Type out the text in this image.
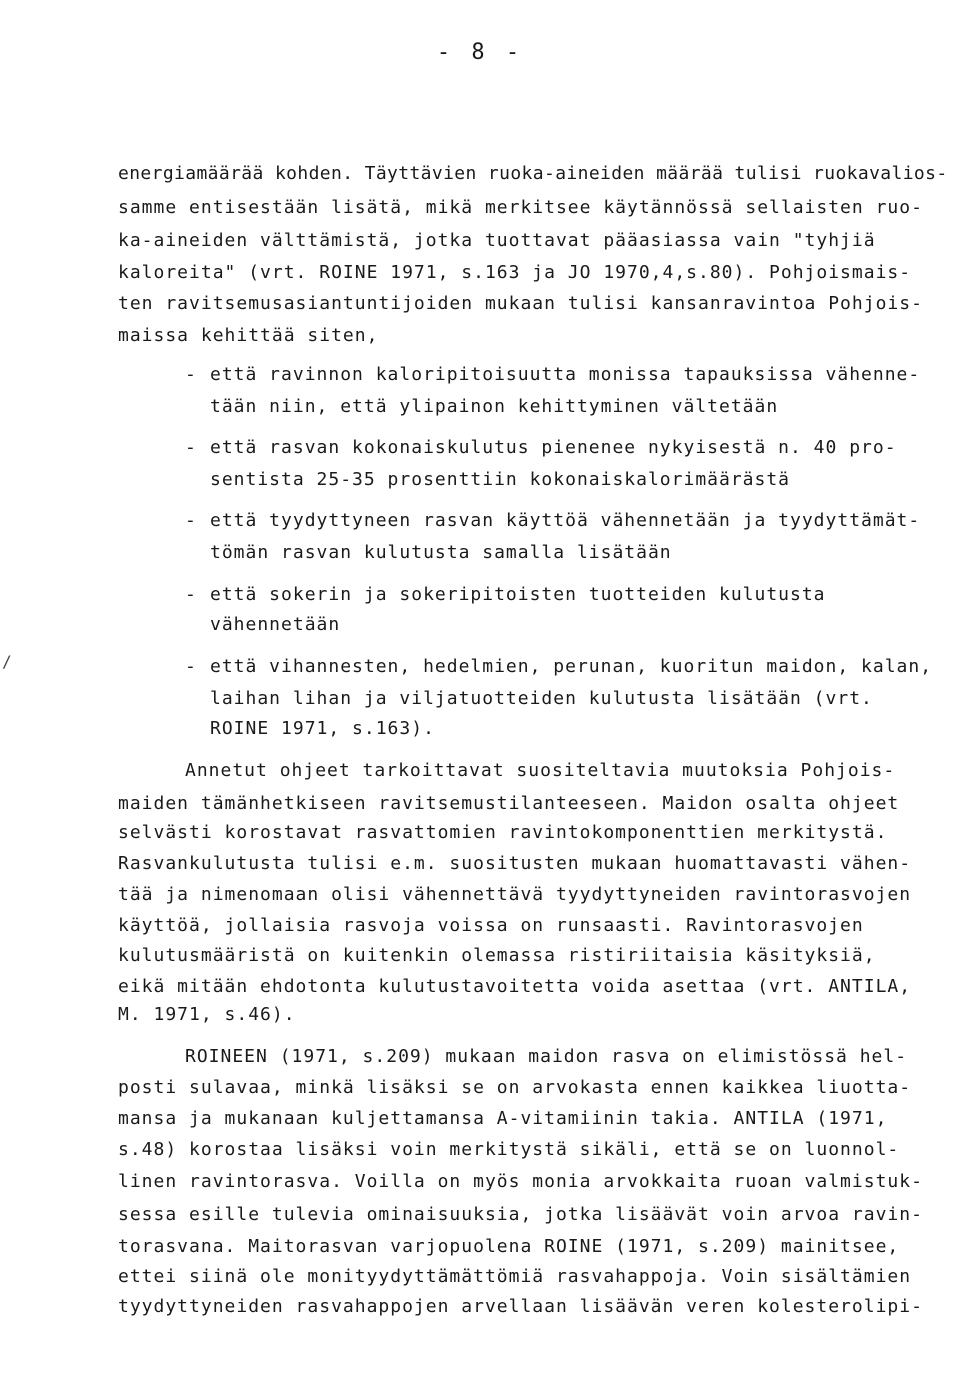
- 8 -
energiamäärää kohden. Täyttävien ruoka-aineiden määrää tulisi ruokavalios-
samme entisestään lisätä, mikä merkitsee käytännössä sellaisten ruo-
ka-aineiden välttämistä, jotka tuottavat pääasiassa vain "tyhjiä
kaloreita" (vrt. ROINE 1971, s.163 ja JO 1970,4,s.80). Pohjoismais-
ten ravitsemusasiantuntijoiden mukaan tulisi kansanravintoa Pohjois-
maissa kehittää siten,
- että ravinnon kaloripitoisuutta monissa tapauksissa vähenne-
tään niin, että ylipainon kehittyminen vältetään
- että rasvan kokonaiskulutus pienenee nykyisestä n. 40 pro-
sentista 25-35 prosenttiin kokonaiskalorimäärästä
- että tyydyttyneen rasvan käyttöä vähennetään ja tyydyttämät-
tömän rasvan kulutusta samalla lisätään
- että sokerin ja sokeripitoisten tuotteiden kulutusta
vähennetään
/	- että vihannesten, hedelmien, perunan, kuoritun maidon, kalan,
laihan lihan ja viljatuotteiden kulutusta lisätään (vrt.
ROINE 1971, s.163).
Annetut ohjeet tarkoittavat suositeltavia muutoksia Pohjois-
maiden tämänhetkiseen ravitsemustilanteeseen. Maidon osalta ohjeet
selvästi korostavat rasvattomien ravintokomponenttien merkitystä.
Rasvankulutusta tulisi e.m. suositusten mukaan huomattavasti vähen-
tää ja nimenomaan olisi vähennettävä tyydyttyneiden ravintorasvojen
käyttöä, jollaisia rasvoja voissa on runsaasti. Ravintorasvojen
kulutusmääristä on kuitenkin olemassa ristiriitaisia käsityksiä,
eikä mitään ehdotonta kulutustavoitetta voida asettaa (vrt. ANTILA,
M. 1971, s.46).
ROINEEN (1971, s.209) mukaan maidon rasva on elimistössä hel-
posti sulavaa, minkä lisäksi se on arvokasta ennen kaikkea liuotta-
mansa ja mukanaan kuljettamansa A-vitamiinin takia. ANTILA (1971,
s.48) korostaa lisäksi voin merkitystä sikäli, että se on luonnol-
linen ravintorasva. Voilla on myös monia arvokkaita ruoan valmistuk-
sessa esille tulevia ominaisuuksia, jotka lisäävät voin arvoa ravin-
torasvana. Maitorasvan varjopuolena ROINE (1971, s.209) mainitsee,
ettei siinä ole monityydyttämättömiä rasvahappoja. Voin sisältämien
tyydyttyneiden rasvahappojen arvellaan lisäävän veren kolesterolipi-
